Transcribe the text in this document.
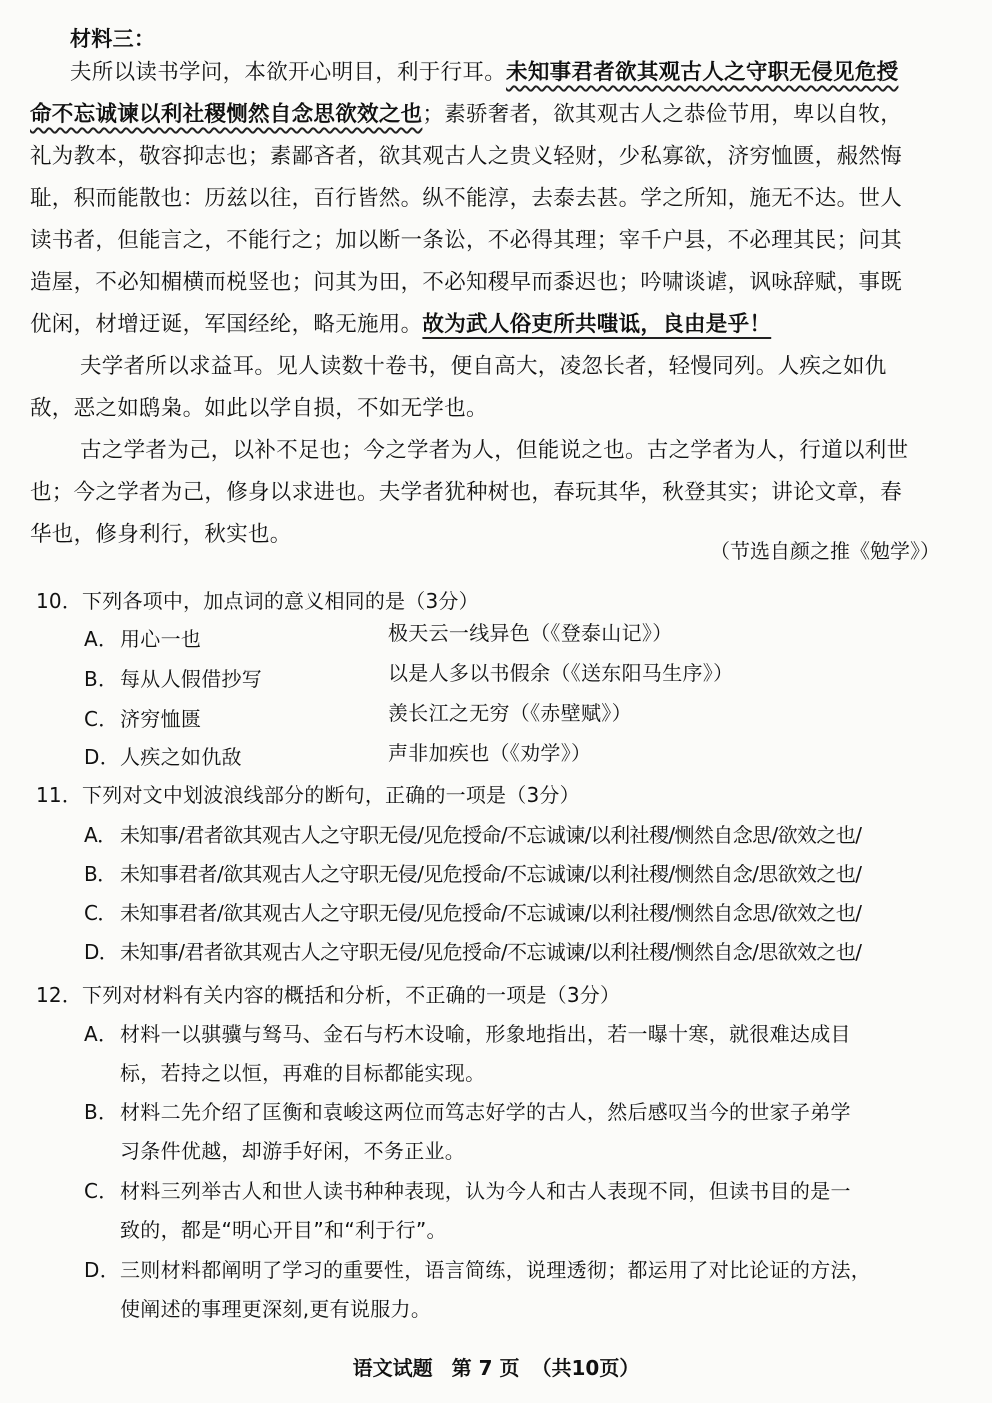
材料三：
夫所以读书学问，本欲开心明目，利于行耳。未知事君者欲其观古人之守职无侵见危授
命不忘诚谏以利社稷恻然自念思欲效之也；素骄奢者，欲其观古人之恭俭节用，卑以自牧，
礼为教本，敬容抑志也；素鄙吝者，欲其观古人之贵义轻财，少私寡欲，济穷恤匮，赧然悔
耻，积而能散也：历兹以往，百行皆然。纵不能淳，去泰去甚。学之所知，施无不达。世人
读书者，但能言之，不能行之；加以断一条讼，不必得其理；宰千户县，不必理其民；问其
造屋，不必知楣横而棁竖也；问其为田，不必知稷早而黍迟也；吟啸谈谑，讽咏辞赋，事既
优闲，材增迂诞，军国经纶，略无施用。故为武人俗吏所共嗤诋，良由是乎！
夫学者所以求益耳。见人读数十卷书，便自高大，凌忽长者，轻慢同列。人疾之如仇
敌，恶之如鸱枭。如此以学自损，不如无学也。
古之学者为己，以补不足也；今之学者为人，但能说之也。古之学者为人，行道以利世
也；今之学者为己，修身以求进也。夫学者犹种树也，春玩其华，秋登其实；讲论文章，春
华也，修身利行，秋实也。
（节选自颜之推《勉学》）
10．下列各项中，加点词的意义相同的是（3分）
A．用心一也	极天云一线异色（《登泰山记》）
B．每从人假借抄写	以是人多以书假余（《送东阳马生序》）
C．济穷恤匮	羡长江之无穷（《赤壁赋》）
D．人疾之如仇敌	声非加疾也（《劝学》）
11．下列对文中划波浪线部分的断句，正确的一项是（3分）
A． 未知事/君者欲其观古人之守职无侵/见危授命/不忘诚谏/以利社稷/恻然自念思/欲效之也/
B． 未知事君者/欲其观古人之守职无侵/见危授命/不忘诚谏/以利社稷/恻然自念/思欲效之也/
C． 未知事君者/欲其观古人之守职无侵/见危授命/不忘诚谏/以利社稷/恻然自念思/欲效之也/
D．未知事/君者欲其观古人之守职无侵/见危授命/不忘诚谏/以利社稷/恻然自念/思欲效之也/
12．下列对材料有关内容的概括和分析，不正确的一项是（3分）
A．材料一以骐骥与驽马、金石与朽木设喻，形象地指出，若一曝十寒，就很难达成目
标，若持之以恒，再难的目标都能实现。
B．材料二先介绍了匡衡和袁峻这两位而笃志好学的古人，然后感叹当今的世家子弟学
习条件优越，却游手好闲，不务正业。
C．材料三列举古人和世人读书种种表现，认为今人和古人表现不同，但读书目的是一
致的，都是“明心开目”和“利于行”。
D．三则材料都阐明了学习的重要性，语言简练，说理透彻；都运用了对比论证的方法，
使阐述的事理更深刻,更有说服力。
语文试题 第 7 页 （共10页）
